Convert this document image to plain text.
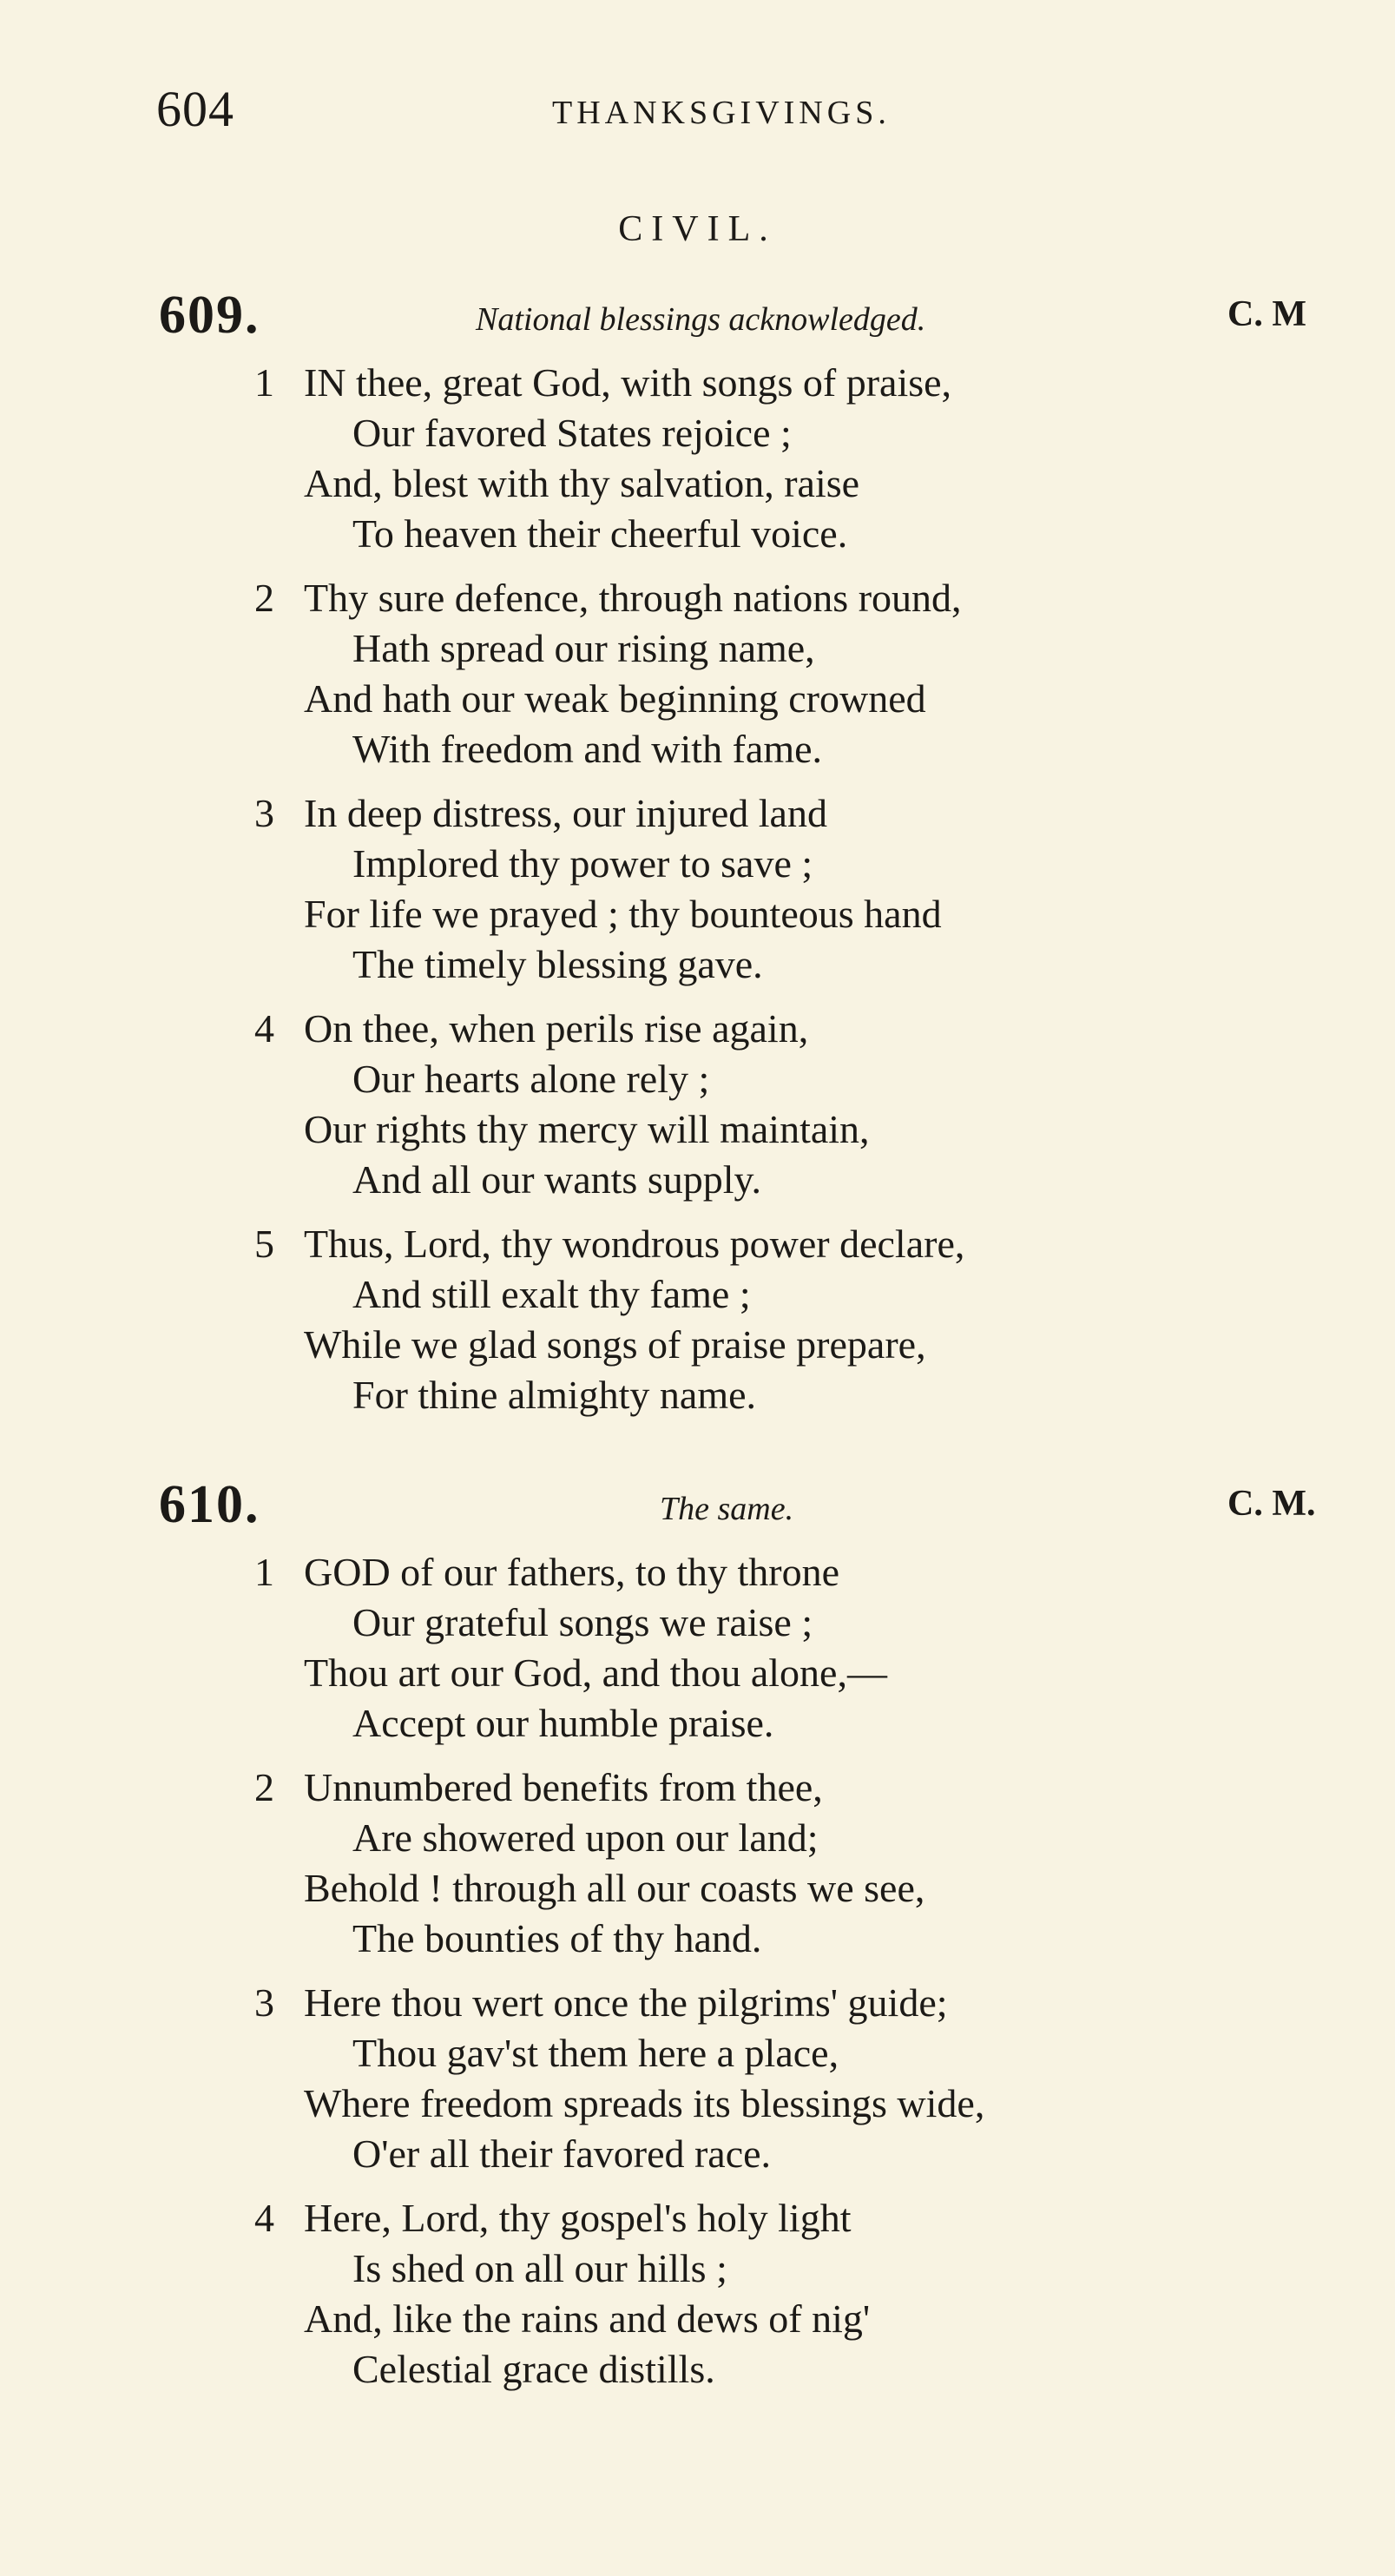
604	THANKSGIVINGS.
CIVIL.
609.	National blessings acknowledged.	C. M
1 IN thee, great God, with songs of praise,
Our favored States rejoice ;
And, blest with thy salvation, raise
To heaven their cheerful voice.
2 Thy sure defence, through nations round,
Hath spread our rising name,
And hath our weak beginning crowned
With freedom and with fame.
3 In deep distress, our injured land
Implored thy power to save ;
For life we prayed ; thy bounteous hand
The timely blessing gave.
4 On thee, when perils rise again,
Our hearts alone rely ;
Our rights thy mercy will maintain,
And all our wants supply.
5 Thus, Lord, thy wondrous power declare,
And still exalt thy fame ;
While we glad songs of praise prepare,
For thine almighty name.
610.	The same.	C. M.
1 GOD of our fathers, to thy throne
Our grateful songs we raise ;
Thou art our God, and thou alone,—
Accept our humble praise.
2 Unnumbered benefits from thee,
Are showered upon our land;
Behold ! through all our coasts we see,
The bounties of thy hand.
3 Here thou wert once the pilgrims' guide;
Thou gav'st them here a place,
Where freedom spreads its blessings wide,
O'er all their favored race.
4 Here, Lord, thy gospel's holy light
Is shed on all our hills ;
And, like the rains and dews of nig'
Celestial grace distills.
